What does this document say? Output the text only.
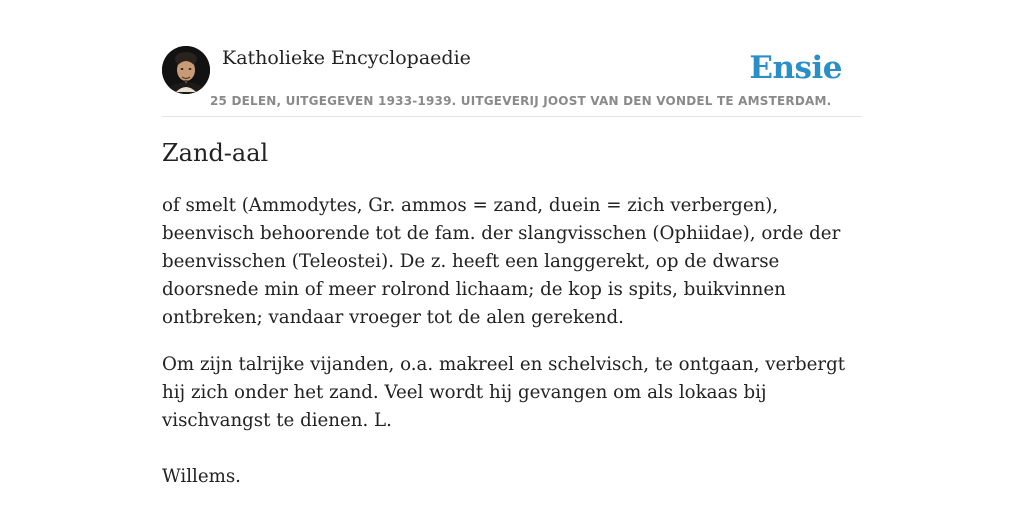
Katholieke Encyclopaedie
25 DELEN, UITGEGEVEN 1933-1939. UITGEVERIJ JOOST VAN DEN VONDEL TE AMSTERDAM.
Ensie
Zand-aal

of smelt (Ammodytes, Gr. ammos = zand, duein = zich verbergen), beenvisch behoorende tot de fam. der slangvisschen (Ophiidae), orde der beenvisschen (Teleostei). De z. heeft een langgerekt, op de dwarse doorsnede min of meer rolrond lichaam; de kop is spits, buikvinnen ontbreken; vandaar vroeger tot de alen gerekend.

Om zijn talrijke vijanden, o.a. makreel en schelvisch, te ontgaan, verbergt hij zich onder het zand. Veel wordt hij gevangen om als lokaas bij vischvangst te dienen. L.

Willems.
